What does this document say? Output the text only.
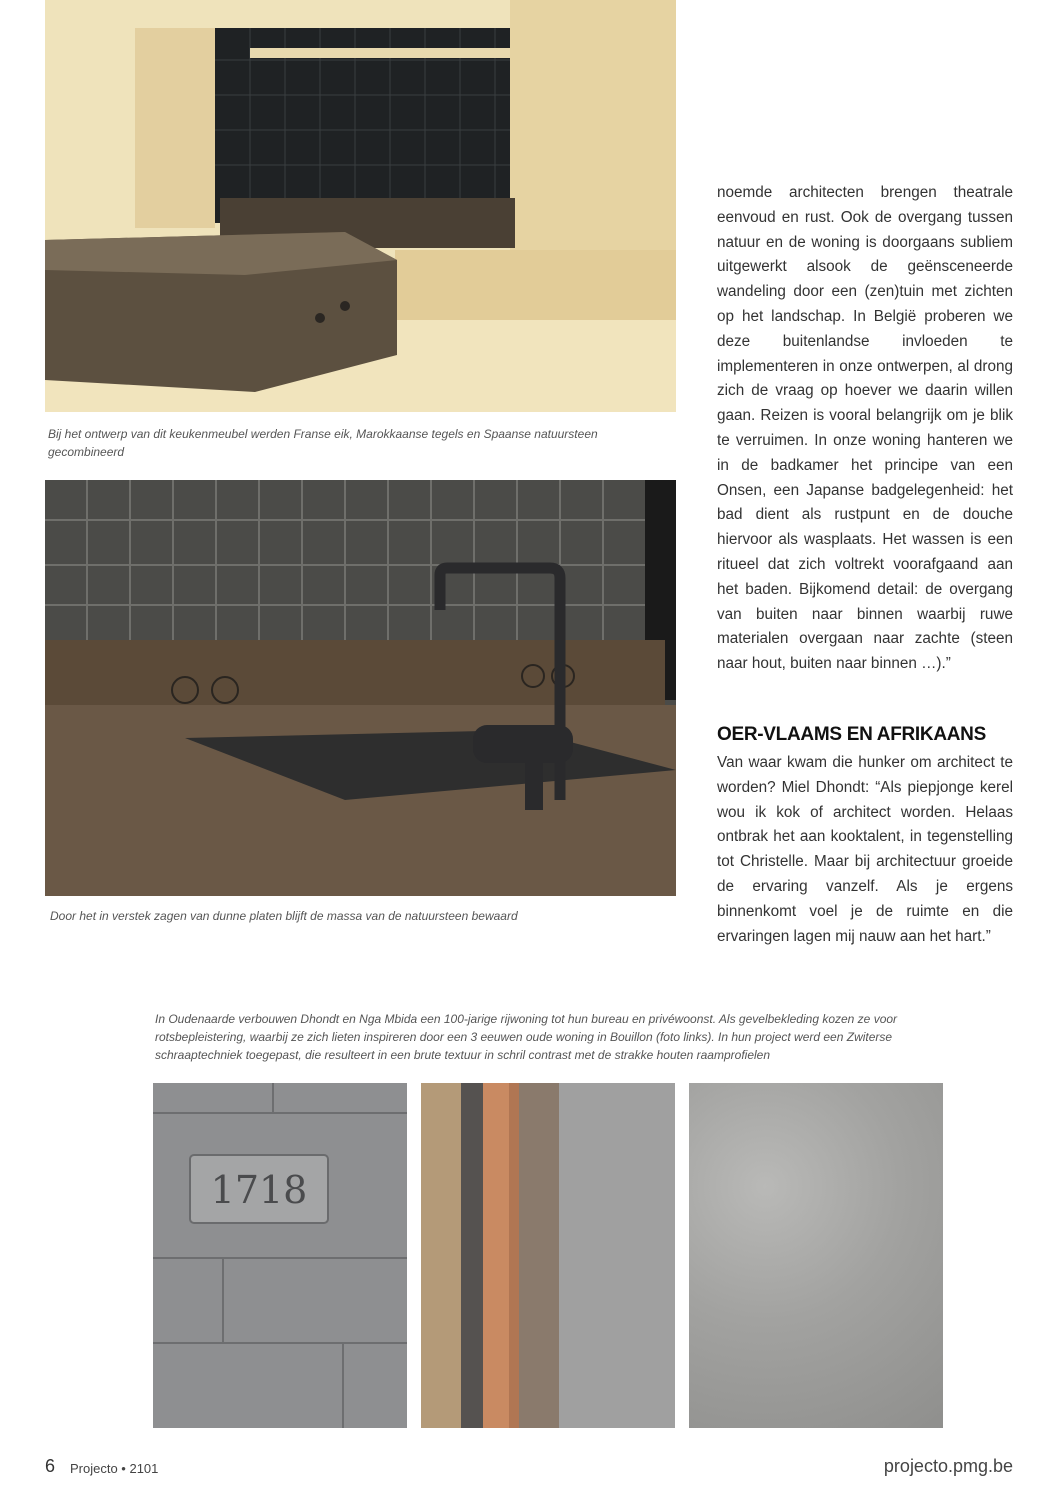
Bij het ontwerp van dit keukenmeubel werden Franse eik, Marokkaanse tegels en Spaanse natuursteen gecombineerd
Door het in verstek zagen van dunne platen blijft de massa van de natuursteen bewaard

noemde architecten brengen theatrale eenvoud en rust. Ook de overgang tussen natuur en de woning is doorgaans subliem uitgewerkt alsook de geënsceneerde wandeling door een (zen)tuin met zichten op het landschap. In België proberen we deze buitenlandse invloeden te implementeren in onze ontwerpen, al drong zich de vraag op hoever we daarin willen gaan. Reizen is vooral belangrijk om je blik te verruimen. In onze woning hanteren we in de badkamer het principe van een Onsen, een Japanse badgelegenheid: het bad dient als rustpunt en de douche hiervoor als wasplaats. Het wassen is een ritueel dat zich voltrekt voorafgaand aan het baden. Bijkomend detail: de overgang van buiten naar binnen waarbij ruwe materialen overgaan naar zachte (steen naar hout, buiten naar binnen …).”

OER-VLAAMS EN AFRIKAANS

Van waar kwam die hunker om architect te worden? Miel Dhondt: “Als piepjonge kerel wou ik kok of architect worden. Helaas ontbrak het aan kooktalent, in tegenstelling tot Christelle. Maar bij architectuur groeide de ervaring vanzelf. Als je ergens binnenkomt voel je de ruimte en die ervaringen lagen mij nauw aan het hart.”

In Oudenaarde verbouwen Dhondt en Nga Mbida een 100-jarige rijwoning tot hun bureau en privéwoonst. Als gevelbekleding kozen ze voor rotsbepleistering, waarbij ze zich lieten inspireren door een 3 eeuwen oude woning in Bouillon (foto links). In hun project werd een Zwiterse schraaptechniek toegepast, die resulteert in een brute textuur in schril contrast met de strakke houten raamprofielen
1718
6 Projecto • 2101	projecto.pmg.be
